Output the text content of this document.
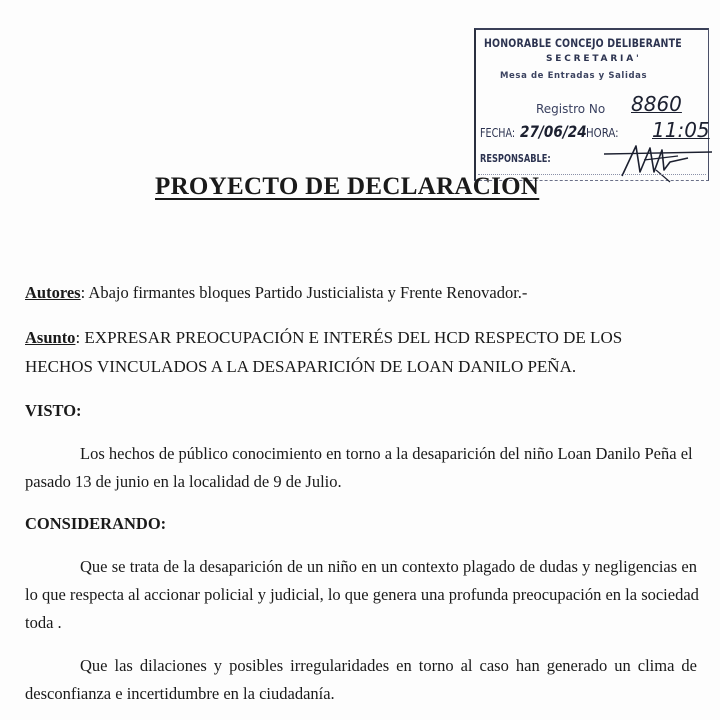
HONORABLE CONCEJO DELIBERANTE
SECRETARIA'
Mesa de Entradas y Salidas
Registro No 8860
FECHA: 27/06/24 HORA: 11:05
RESPONSABLE:
PROYECTO DE DECLARACION
Autores: Abajo firmantes bloques Partido Justicialista y Frente Renovador.-
Asunto: EXPRESAR PREOCUPACIÓN E INTERÉS DEL HCD RESPECTO DE LOS
HECHOS VINCULADOS A LA DESAPARICIÓN DE LOAN DANILO PEÑA.
VISTO:
Los hechos de público conocimiento en torno a la desaparición del niño Loan Danilo Peña el
pasado 13 de junio en la localidad de 9 de Julio.
CONSIDERANDO:
Que se trata de la desaparición de un niño en un contexto plagado de dudas y negligencias en
lo que respecta al accionar policial y judicial, lo que genera una profunda preocupación en la sociedad
toda .
Que las dilaciones y posibles irregularidades en torno al caso han generado un clima de
desconfianza e incertidumbre en la ciudadanía.
